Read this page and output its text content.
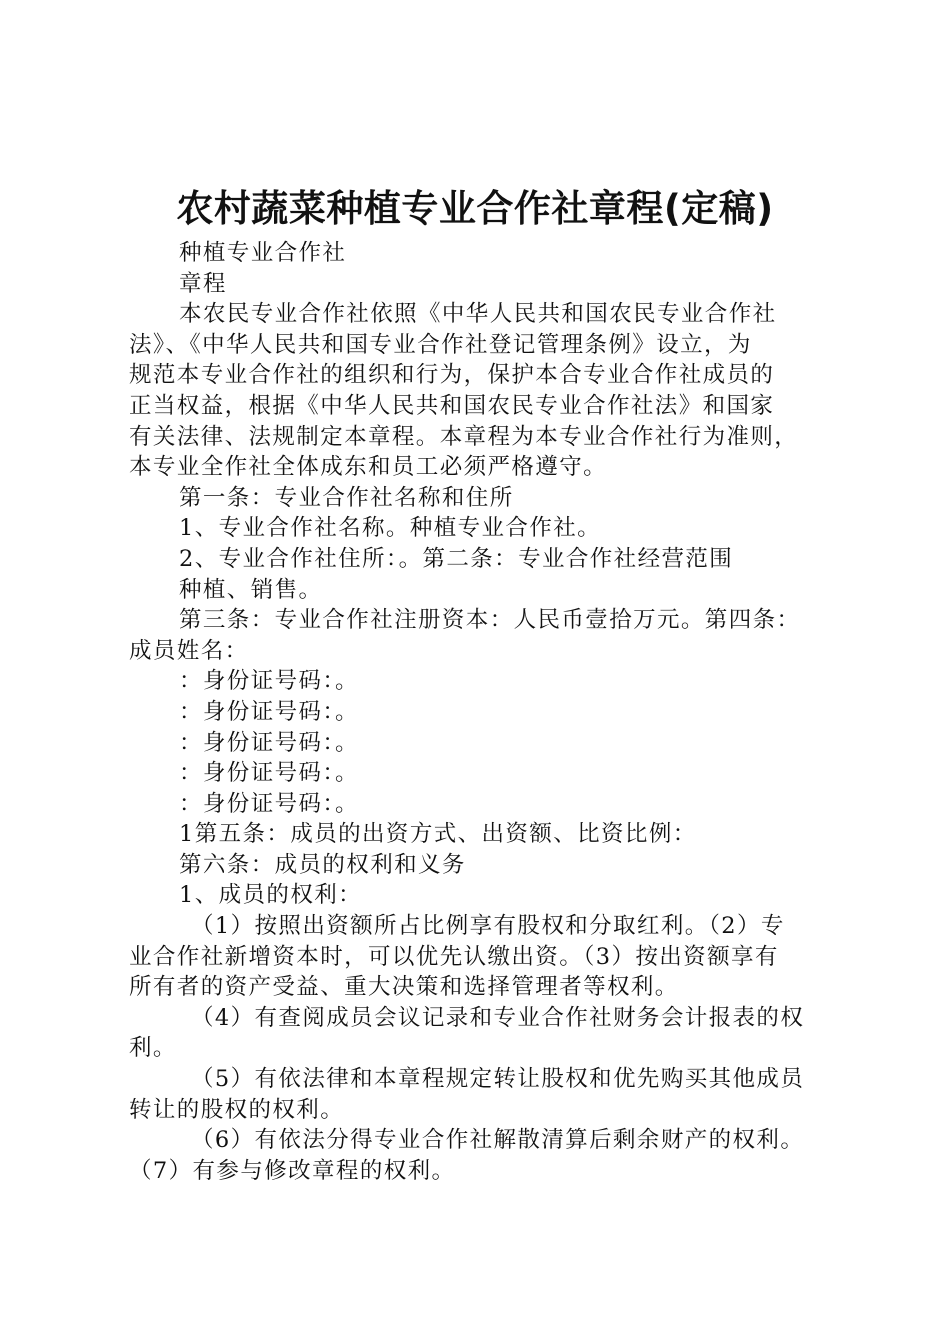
农村蔬菜种植专业合作社章程(定稿)

种植专业合作社

章程

本农民专业合作社依照《中华人民共和国农民专业合作社

法》、《中华人民共和国专业合作社登记管理条例》设立，为

规范本专业合作社的组织和行为，保护本合专业合作社成员的

正当权益，根据《中华人民共和国农民专业合作社法》和国家

有关法律、法规制定本章程。本章程为本专业合作社行为准则，

本专业全作社全体成东和员工必须严格遵守。

第一条：专业合作社名称和住所

1、专业合作社名称。种植专业合作社。

2、专业合作社住所：。第二条：专业合作社经营范围

种植、销售。

第三条：专业合作社注册资本：人民币壹拾万元。第四条：

成员姓名：

：身份证号码：。

：身份证号码：。

：身份证号码：。

：身份证号码：。

：身份证号码：。

1第五条：成员的出资方式、出资额、比资比例：

第六条：成员的权利和义务

1、成员的权利：

（1）按照出资额所占比例享有股权和分取红利。（2）专

业合作社新增资本时，可以优先认缴出资。（3）按出资额享有

所有者的资产受益、重大决策和选择管理者等权利。

（4）有查阅成员会议记录和专业合作社财务会计报表的权

利。

（5）有依法律和本章程规定转让股权和优先购买其他成员

转让的股权的权利。

（6）有依法分得专业合作社解散清算后剩余财产的权利。

（7）有参与修改章程的权利。
